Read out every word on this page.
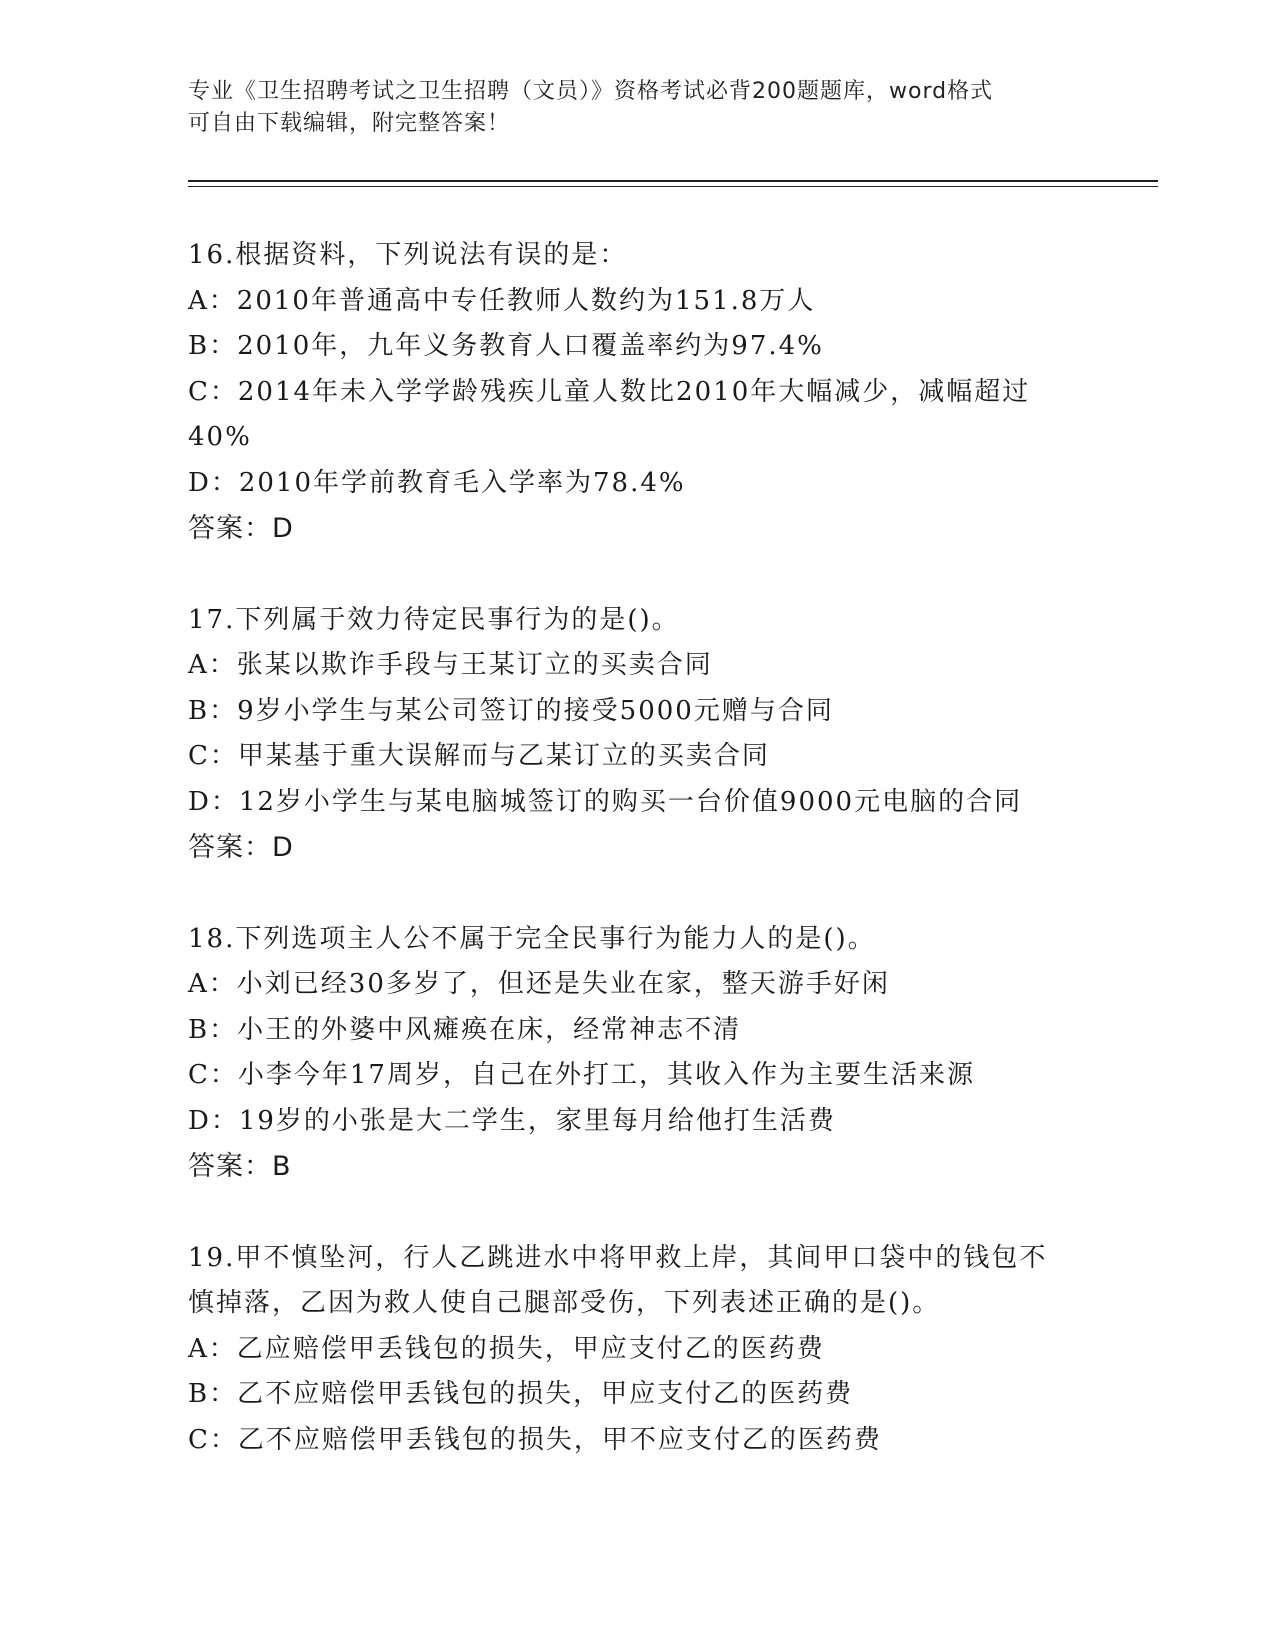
专业《卫生招聘考试之卫生招聘（文员）》资格考试必背200题题库，word格式
可自由下载编辑，附完整答案！
16.根据资料，下列说法有误的是：
A：2010年普通高中专任教师人数约为151.8万人
B：2010年，九年义务教育人口覆盖率约为97.4%
C：2014年未入学学龄残疾儿童人数比2010年大幅减少，减幅超过
40%
D：2010年学前教育毛入学率为78.4%
答案：D
17.下列属于效力待定民事行为的是()。
A：张某以欺诈手段与王某订立的买卖合同
B：9岁小学生与某公司签订的接受5000元赠与合同
C：甲某基于重大误解而与乙某订立的买卖合同
D：12岁小学生与某电脑城签订的购买一台价值9000元电脑的合同
答案：D
18.下列选项主人公不属于完全民事行为能力人的是()。
A：小刘已经30多岁了，但还是失业在家，整天游手好闲
B：小王的外婆中风瘫痪在床，经常神志不清
C：小李今年17周岁，自己在外打工，其收入作为主要生活来源
D：19岁的小张是大二学生，家里每月给他打生活费
答案：B
19.甲不慎坠河，行人乙跳进水中将甲救上岸，其间甲口袋中的钱包不
慎掉落，乙因为救人使自己腿部受伤，下列表述正确的是()。
A：乙应赔偿甲丢钱包的损失，甲应支付乙的医药费
B：乙不应赔偿甲丢钱包的损失，甲应支付乙的医药费
C：乙不应赔偿甲丢钱包的损失，甲不应支付乙的医药费
